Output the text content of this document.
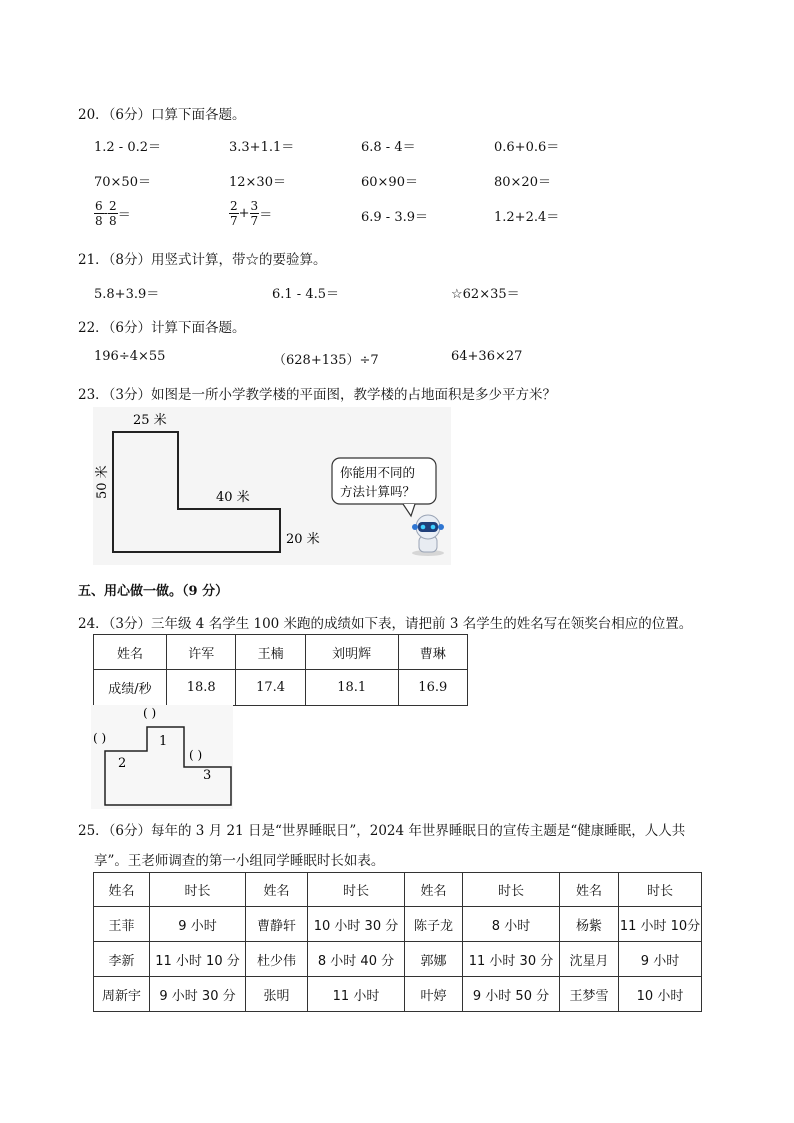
20．（6分）口算下面各题。
1.2 - 0.2＝	3.3+1.1＝	6.8 - 4＝	0.6+0.6＝
70×50＝	12×30＝	60×90＝	80×20＝
$\frac{6}{8} - \frac{2}{8}$ ＝	$\frac{2}{7} + \frac{3}{7}$ ＝	6.9 - 3.9＝	1.2+2.4＝
21．（8分）用竖式计算，带☆的要验算。
5.8+3.9＝	6.1 - 4.5＝	☆62×35＝
22．（6分）计算下面各题。
196÷4×55	（628+135）÷7	64+36×27
23．（3分）如图是一所小学教学楼的平面图，教学楼的占地面积是多少平方米？
25 米
40 米
20 米
50 米	你能用不同的
方法计算吗？
五、用心做一做。（9 分）
24．（3分）三年级 4 名学生 100 米跑的成绩如下表，请把前 3 名学生的姓名写在领奖台相应的位置。
姓名	许军	王楠	刘明辉	曹琳
成绩/秒	18.8	17.4	18.1	16.9
( )
( )
( )
1
2
3
25．（6分）每年的 3 月 21 日是“世界睡眠日”，2024 年世界睡眠日的宣传主题是“健康睡眠，人人共
享”。王老师调查的第一小组同学睡眠时长如表。
姓名	时长	姓名	时长	姓名	时长	姓名	时长
王菲	9 小时	曹静轩	10 小时 30 分	陈子龙	8 小时	杨紫	11 小时 10分
李新	11 小时 10 分	杜少伟	8 小时 40 分	郭娜	11 小时 30 分	沈星月	9 小时
周新宇	9 小时 30 分	张明	11 小时	叶婷	9 小时 50 分	王梦雪	10 小时
